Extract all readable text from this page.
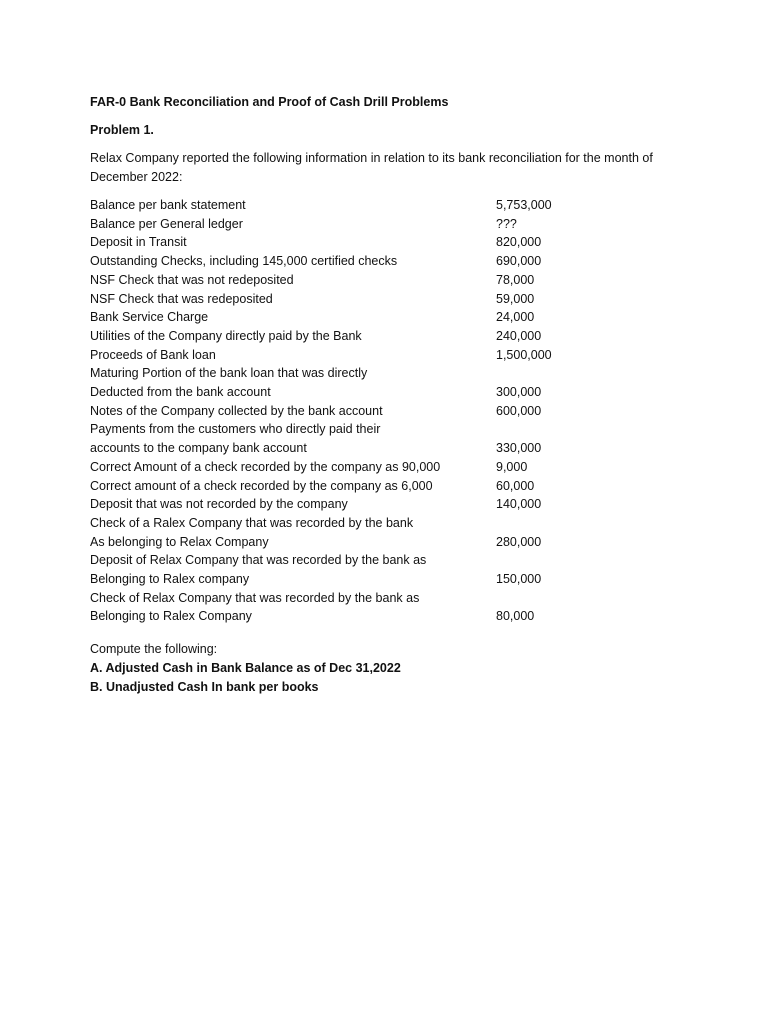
FAR-0 Bank Reconciliation and Proof of Cash Drill Problems

Problem 1.

Relax Company reported the following information in relation to its bank reconciliation for the month of December 2022:

Balance per bank statement	5,753,000
Balance per General ledger	???
Deposit in Transit	820,000
Outstanding Checks, including 145,000 certified checks	690,000
NSF Check that was not redeposited	78,000
NSF Check that was redeposited	59,000
Bank Service Charge	24,000
Utilities of the Company directly paid by the Bank	240,000
Proceeds of Bank loan	1,500,000
Maturing Portion of the bank loan that was directly
Deducted from the bank account	300,000
Notes of the Company collected by the bank account	600,000
Payments from the customers who directly paid their
accounts to the company bank account	330,000
Correct Amount of a check recorded by the company as 90,000	9,000
Correct amount of a check recorded by the company as 6,000	60,000
Deposit that was not recorded by the company	140,000
Check of a Ralex Company that was recorded by the bank
As belonging to Relax Company	280,000
Deposit of Relax Company that was recorded by the bank as
Belonging to Ralex company	150,000
Check of Relax Company that was recorded by the bank as
Belonging to Ralex Company	80,000
Compute the following:
A. Adjusted Cash in Bank Balance as of Dec 31,2022
B. Unadjusted Cash In bank per books
